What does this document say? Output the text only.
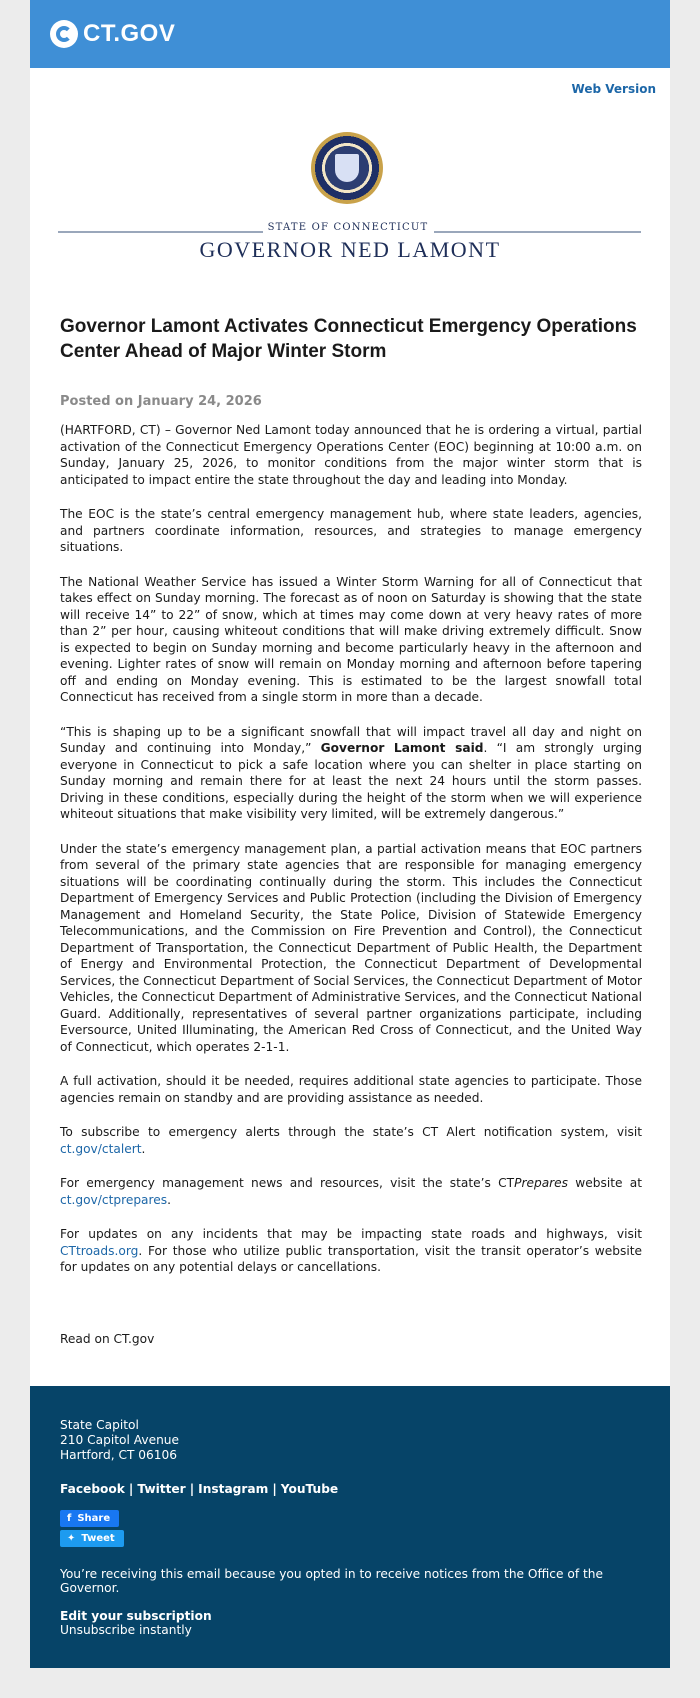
CT.GOV
Web Version
STATE OF CONNECTICUT
GOVERNOR NED LAMONT
Governor Lamont Activates Connecticut Emergency Operations Center Ahead of Major Winter Storm
Posted on January 24, 2026

(HARTFORD, CT) – Governor Ned Lamont today announced that he is ordering a virtual, partial activation of the Connecticut Emergency Operations Center (EOC) beginning at 10:00 a.m. on Sunday, January 25, 2026, to monitor conditions from the major winter storm that is anticipated to impact entire the state throughout the day and leading into Monday.

The EOC is the state’s central emergency management hub, where state leaders, agencies, and partners coordinate information, resources, and strategies to manage emergency situations.

The National Weather Service has issued a Winter Storm Warning for all of Connecticut that takes effect on Sunday morning. The forecast as of noon on Saturday is showing that the state will receive 14” to 22” of snow, which at times may come down at very heavy rates of more than 2” per hour, causing whiteout conditions that will make driving extremely difficult. Snow is expected to begin on Sunday morning and become particularly heavy in the afternoon and evening. Lighter rates of snow will remain on Monday morning and afternoon before tapering off and ending on Monday evening. This is estimated to be the largest snowfall total Connecticut has received from a single storm in more than a decade.

“This is shaping up to be a significant snowfall that will impact travel all day and night on Sunday and continuing into Monday,” Governor Lamont said. “I am strongly urging everyone in Connecticut to pick a safe location where you can shelter in place starting on Sunday morning and remain there for at least the next 24 hours until the storm passes. Driving in these conditions, especially during the height of the storm when we will experience whiteout situations that make visibility very limited, will be extremely dangerous.”

Under the state’s emergency management plan, a partial activation means that EOC partners from several of the primary state agencies that are responsible for managing emergency situations will be coordinating continually during the storm. This includes the Connecticut Department of Emergency Services and Public Protection (including the Division of Emergency Management and Homeland Security, the State Police, Division of Statewide Emergency Telecommunications, and the Commission on Fire Prevention and Control), the Connecticut Department of Transportation, the Connecticut Department of Public Health, the Department of Energy and Environmental Protection, the Connecticut Department of Developmental Services, the Connecticut Department of Social Services, the Connecticut Department of Motor Vehicles, the Connecticut Department of Administrative Services, and the Connecticut National Guard. Additionally, representatives of several partner organizations participate, including Eversource, United Illuminating, the American Red Cross of Connecticut, and the United Way of Connecticut, which operates 2-1-1.

A full activation, should it be needed, requires additional state agencies to participate. Those agencies remain on standby and are providing assistance as needed.

To subscribe to emergency alerts through the state’s CT Alert notification system, visit ct.gov/ctalert.

For emergency management news and resources, visit the state’s CTPrepares website at ct.gov/ctprepares.

For updates on any incidents that may be impacting state roads and highways, visit CTtroads.org. For those who utilize public transportation, visit the transit operator’s website for updates on any potential delays or cancellations.

Read on CT.gov
State Capitol
210 Capitol Avenue
Hartford, CT 06106
Facebook | Twitter | Instagram | YouTube
f Share
✦ Tweet
You’re receiving this email because you opted in to receive notices from the Office of the Governor.
Edit your subscription
Unsubscribe instantly
